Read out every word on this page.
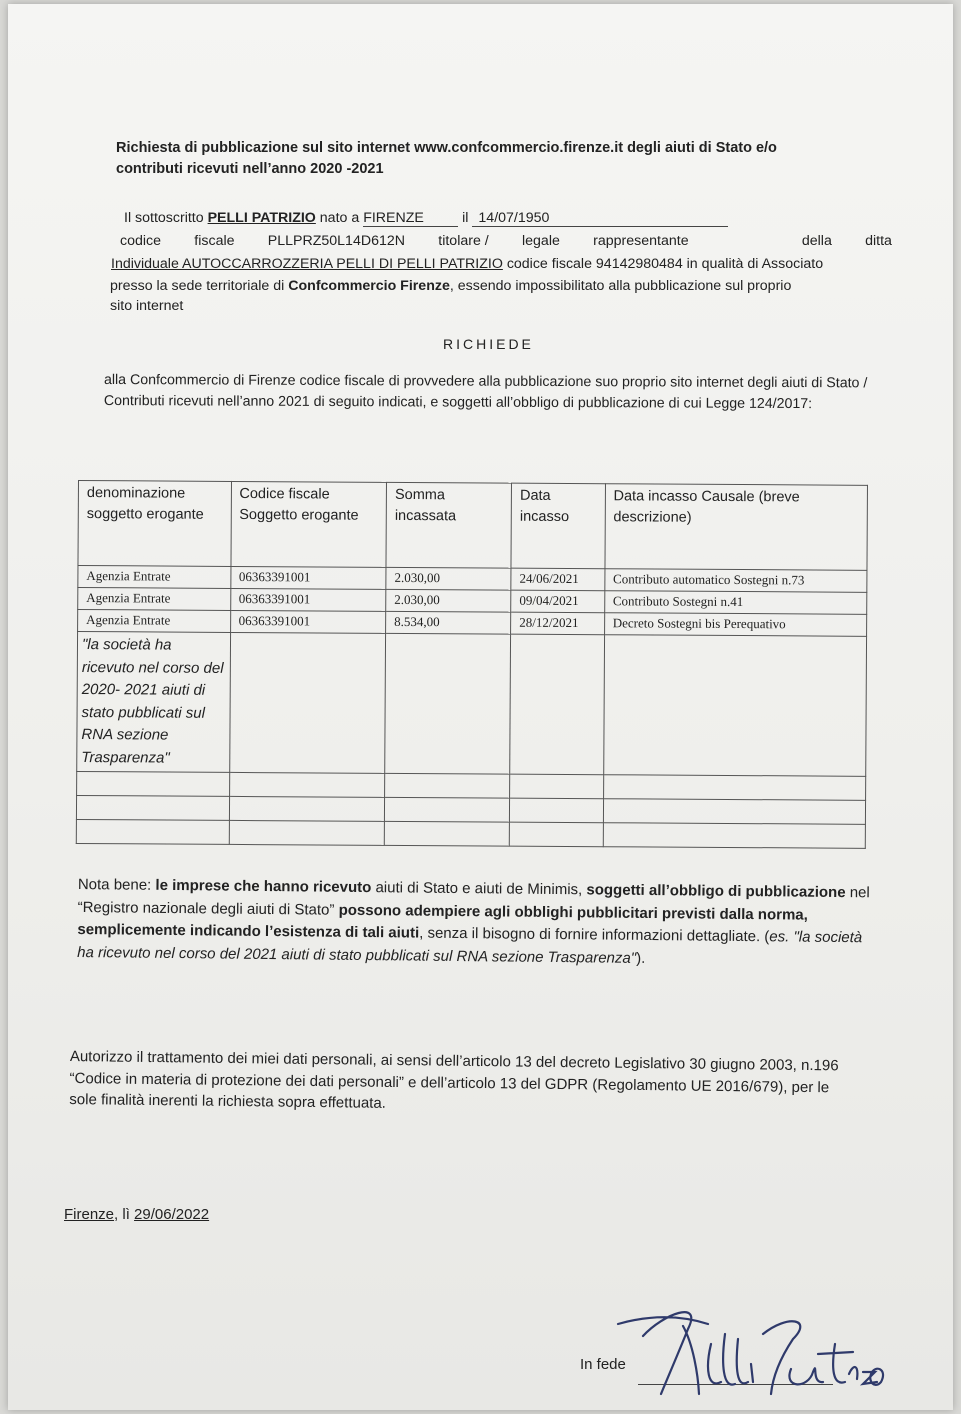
Richiesta di pubblicazione sul sito internet www.confcommercio.firenze.it degli aiuti di Stato e/o contributi ricevuti nell’anno 2020 -2021
Il sottoscritto PELLI PATRIZIO nato a FIRENZE	il 14/07/1950
codice fiscale PLLPRZ50L14D612N titolare / legale rappresentante	della ditta
Individuale AUTOCCARROZZERIA PELLI DI PELLI PATRIZIO codice fiscale 94142980484 in qualità di Associato
presso la sede territoriale di Confcommercio Firenze, essendo impossibilitato alla pubblicazione sul proprio
sito internet
RICHIEDE
alla Confcommercio di Firenze codice fiscale di provvedere alla pubblicazione suo proprio sito internet degli aiuti di Stato / Contributi ricevuti nell’anno 2021 di seguito indicati, e soggetti all’obbligo di pubblicazione di cui Legge 124/2017:
denominazione soggetto erogante	Codice fiscale Soggetto erogante	Somma incassata	Data incasso	Data incasso Causale (breve descrizione)
Agenzia Entrate	06363391001	2.030,00	24/06/2021	Contributo automatico Sostegni n.73
Agenzia Entrate	06363391001	2.030,00	09/04/2021	Contributo Sostegni n.41
Agenzia Entrate	06363391001	8.534,00	28/12/2021	Decreto Sostegni bis Perequativo
"la società ha ricevuto nel corso del 2020- 2021 aiuti di stato pubblicati sul RNA sezione Trasparenza"				

Nota bene: le imprese che hanno ricevuto aiuti di Stato e aiuti de Minimis, soggetti all’obbligo di pubblicazione nel “Registro nazionale degli aiuti di Stato” possono adempiere agli obblighi pubblicitari previsti dalla norma, semplicemente indicando l’esistenza di tali aiuti, senza il bisogno di fornire informazioni dettagliate. (es. "la società ha ricevuto nel corso del 2021 aiuti di stato pubblicati sul RNA sezione Trasparenza").
Autorizzo il trattamento dei miei dati personali, ai sensi dell’articolo 13 del decreto Legislativo 30 giugno 2003, n.196 “Codice in materia di protezione dei dati personali” e dell’articolo 13 del GDPR (Regolamento UE 2016/679), per le sole finalità inerenti la richiesta sopra effettuata.
Firenze, lì 29/06/2022
In fede
